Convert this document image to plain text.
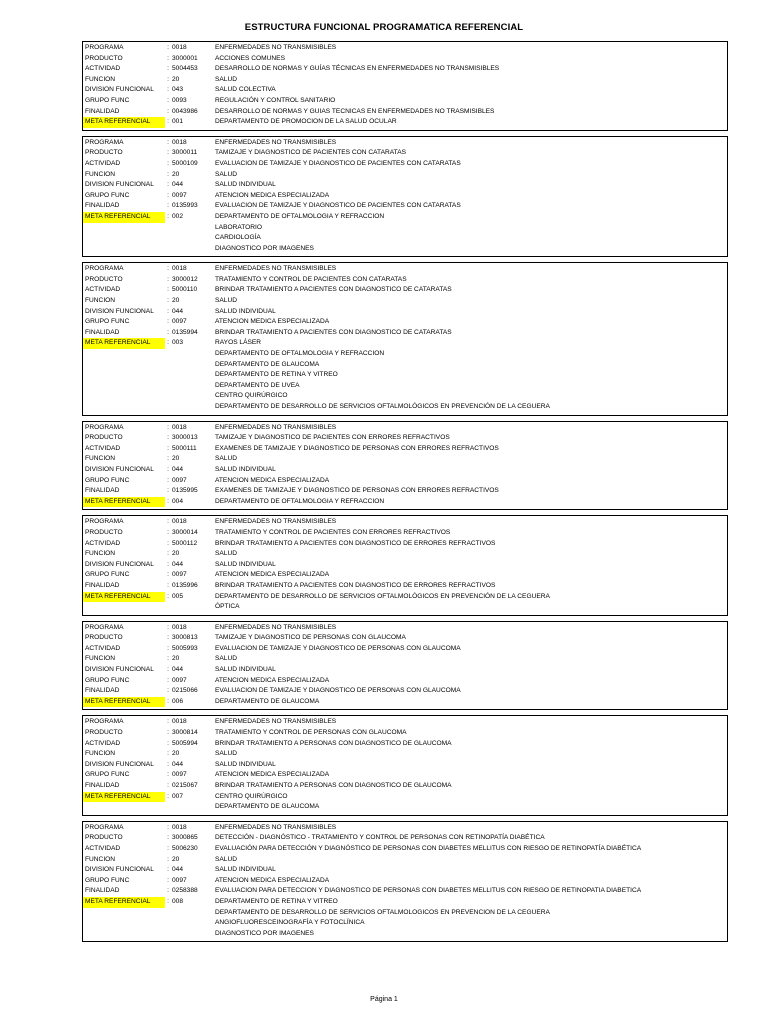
ESTRUCTURA FUNCIONAL PROGRAMATICA REFERENCIAL
PROGRAMA	: 0018	ENFERMEDADES NO TRANSMISIBLES
PRODUCTO	: 3000001	ACCIONES COMUNES
ACTIVIDAD	: 5004453	DESARROLLO DE NORMAS Y GUÍAS TÉCNICAS EN ENFERMEDADES NO TRANSMISIBLES
FUNCION	: 20	SALUD
DIVISION FUNCIONAL	: 043	SALUD COLECTIVA
GRUPO FUNC	: 0093	REGULACIÓN Y CONTROL SANITARIO
FINALIDAD	: 0043986	DESARROLLO DE NORMAS Y GUIAS TECNICAS EN ENFERMEDADES NO TRASMISIBLES
META REFERENCIAL	: 001	DEPARTAMENTO DE PROMOCION DE LA SALUD OCULAR
PROGRAMA	: 0018	ENFERMEDADES NO TRANSMISIBLES
PRODUCTO	: 3000011	TAMIZAJE Y DIAGNOSTICO DE PACIENTES CON CATARATAS
ACTIVIDAD	: 5000109	EVALUACION DE TAMIZAJE Y DIAGNOSTICO DE PACIENTES CON CATARATAS
FUNCION	: 20	SALUD
DIVISION FUNCIONAL	: 044	SALUD INDIVIDUAL
GRUPO FUNC	: 0097	ATENCION MEDICA ESPECIALIZADA
FINALIDAD	: 0135993	EVALUACION DE TAMIZAJE Y DIAGNOSTICO DE PACIENTES CON CATARATAS
META REFERENCIAL	: 002	DEPARTAMENTO DE OFTALMOLOGIA Y REFRACCION
LABORATORIO
CARDIOLOGÍA
DIAGNOSTICO POR IMAGENES
PROGRAMA	: 0018	ENFERMEDADES NO TRANSMISIBLES
PRODUCTO	: 3000012	TRATAMIENTO Y CONTROL DE PACIENTES CON CATARATAS
ACTIVIDAD	: 5000110	BRINDAR TRATAMIENTO A PACIENTES CON DIAGNOSTICO DE CATARATAS
FUNCION	: 20	SALUD
DIVISION FUNCIONAL	: 044	SALUD INDIVIDUAL
GRUPO FUNC	: 0097	ATENCION MEDICA ESPECIALIZADA
FINALIDAD	: 0135994	BRINDAR TRATAMIENTO A PACIENTES CON DIAGNOSTICO DE CATARATAS
META REFERENCIAL	: 003	RAYOS LÁSER
DEPARTAMENTO DE OFTALMOLOGIA Y REFRACCION
DEPARTAMENTO DE GLAUCOMA
DEPARTAMENTO DE RETINA Y VITREO
DEPARTAMENTO DE UVEA
CENTRO QUIRÚRGICO
DEPARTAMENTO DE DESARROLLO DE SERVICIOS OFTALMOLÓGICOS EN PREVENCIÓN DE LA CEGUERA
PROGRAMA	: 0018	ENFERMEDADES NO TRANSMISIBLES
PRODUCTO	: 3000013	TAMIZAJE Y DIAGNOSTICO DE PACIENTES CON ERRORES REFRACTIVOS
ACTIVIDAD	: 5000111	EXAMENES DE TAMIZAJE Y DIAGNOSTICO DE PERSONAS CON ERRORES REFRACTIVOS
FUNCION	: 20	SALUD
DIVISION FUNCIONAL	: 044	SALUD INDIVIDUAL
GRUPO FUNC	: 0097	ATENCION MEDICA ESPECIALIZADA
FINALIDAD	: 0135995	EXAMENES DE TAMIZAJE Y DIAGNOSTICO DE PERSONAS CON ERRORES REFRACTIVOS
META REFERENCIAL	: 004	DEPARTAMENTO DE OFTALMOLOGIA Y REFRACCION
PROGRAMA	: 0018	ENFERMEDADES NO TRANSMISIBLES
PRODUCTO	: 3000014	TRATAMIENTO Y CONTROL DE PACIENTES CON ERRORES REFRACTIVOS
ACTIVIDAD	: 5000112	BRINDAR TRATAMIENTO A PACIENTES CON DIAGNOSTICO DE ERRORES REFRACTIVOS
FUNCION	: 20	SALUD
DIVISION FUNCIONAL	: 044	SALUD INDIVIDUAL
GRUPO FUNC	: 0097	ATENCION MEDICA ESPECIALIZADA
FINALIDAD	: 0135996	BRINDAR TRATAMIENTO A PACIENTES CON DIAGNOSTICO DE ERRORES REFRACTIVOS
META REFERENCIAL	: 005	DEPARTAMENTO DE DESARROLLO DE SERVICIOS OFTALMOLÓGICOS EN PREVENCIÓN DE LA CEGUERA
ÓPTICA
PROGRAMA	: 0018	ENFERMEDADES NO TRANSMISIBLES
PRODUCTO	: 3000813	TAMIZAJE Y DIAGNOSTICO DE PERSONAS CON GLAUCOMA
ACTIVIDAD	: 5005993	EVALUACION DE TAMIZAJE Y DIAGNOSTICO DE PERSONAS CON GLAUCOMA
FUNCION	: 20	SALUD
DIVISION FUNCIONAL	: 044	SALUD INDIVIDUAL
GRUPO FUNC	: 0097	ATENCION MEDICA ESPECIALIZADA
FINALIDAD	: 0215066	EVALUACION DE TAMIZAJE Y DIAGNOSTICO DE PERSONAS CON GLAUCOMA
META REFERENCIAL	: 006	DEPARTAMENTO DE GLAUCOMA
PROGRAMA	: 0018	ENFERMEDADES NO TRANSMISIBLES
PRODUCTO	: 3000814	TRATAMIENTO Y CONTROL DE PERSONAS CON GLAUCOMA
ACTIVIDAD	: 5005994	BRINDAR TRATAMIENTO A PERSONAS CON DIAGNOSTICO DE GLAUCOMA
FUNCION	: 20	SALUD
DIVISION FUNCIONAL	: 044	SALUD INDIVIDUAL
GRUPO FUNC	: 0097	ATENCION MEDICA ESPECIALIZADA
FINALIDAD	: 0215067	BRINDAR TRATAMIENTO A PERSONAS CON DIAGNOSTICO DE GLAUCOMA
META REFERENCIAL	: 007	CENTRO QUIRÚRGICO
DEPARTAMENTO DE GLAUCOMA
PROGRAMA	: 0018	ENFERMEDADES NO TRANSMISIBLES
PRODUCTO	: 3000865	DETECCIÓN - DIAGNÓSTICO - TRATAMIENTO Y CONTROL DE PERSONAS CON RETINOPATÍA DIABÉTICA
ACTIVIDAD	: 5006230	EVALUACIÓN PARA DETECCIÓN Y DIAGNÓSTICO DE PERSONAS CON DIABETES MELLITUS CON RIESGO DE RETINOPATÍA DIABÉTICA
FUNCION	: 20	SALUD
DIVISION FUNCIONAL	: 044	SALUD INDIVIDUAL
GRUPO FUNC	: 0097	ATENCION MEDICA ESPECIALIZADA
FINALIDAD	: 0258388	EVALUACION PARA DETECCION Y DIAGNOSTICO DE PERSONAS CON DIABETES MELLITUS CON RIESGO DE RETINOPATIA DIABETICA
META REFERENCIAL	: 008	DEPARTAMENTO DE RETINA Y VITREO
DEPARTAMENTO DE DESARROLLO DE SERVICIOS OFTALMOLOGICOS EN PREVENCION DE LA CEGUERA
ANGIOFLUORESCEINOGRAFÍA Y FOTOCLÍNICA
DIAGNOSTICO POR IMAGENES
Página 1
